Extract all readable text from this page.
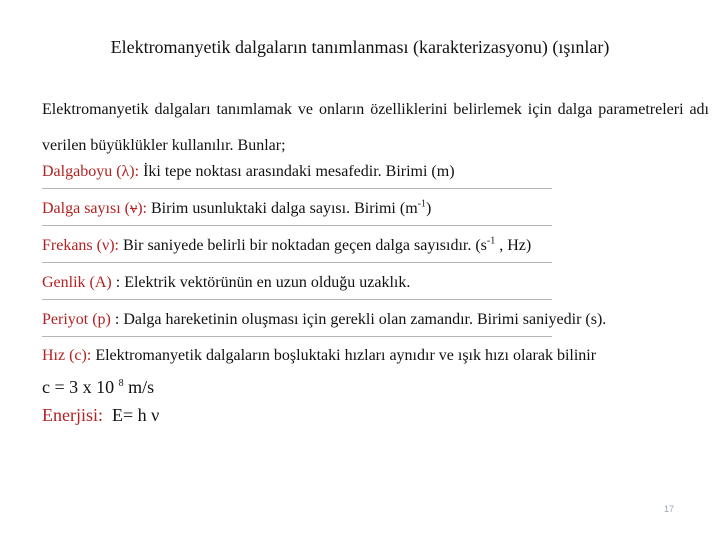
Elektromanyetik dalgaların tanımlanması (karakterizasyonu) (ışınlar)
Elektromanyetik dalgaları tanımlamak ve onların özelliklerini belirlemek için dalga parametreleri adı verilen büyüklükler kullanılır. Bunlar;
Dalgaboyu (λ): İki tepe noktası arasındaki mesafedir. Birimi (m)
Dalga sayısı (ν): Birim usunluktaki dalga sayısı. Birimi $(m^{-1})$
Frekans (ν): Bir saniyede belirli bir noktadan geçen dalga sayısıdır. ($s^{-1}$ , Hz)
Genlik (A) : Elektrik vektörünün en uzun olduğu uzaklık.
Periyot (p) : Dalga hareketinin oluşması için gerekli olan zamandır. Birimi saniyedir (s).
Hız (c): Elektromanyetik dalgaların boşluktaki hızları aynıdır ve ışık hızı olarak bilinir
c = 3 x 10 $^8$ m/s
Enerjisi:  E= h ν
17
